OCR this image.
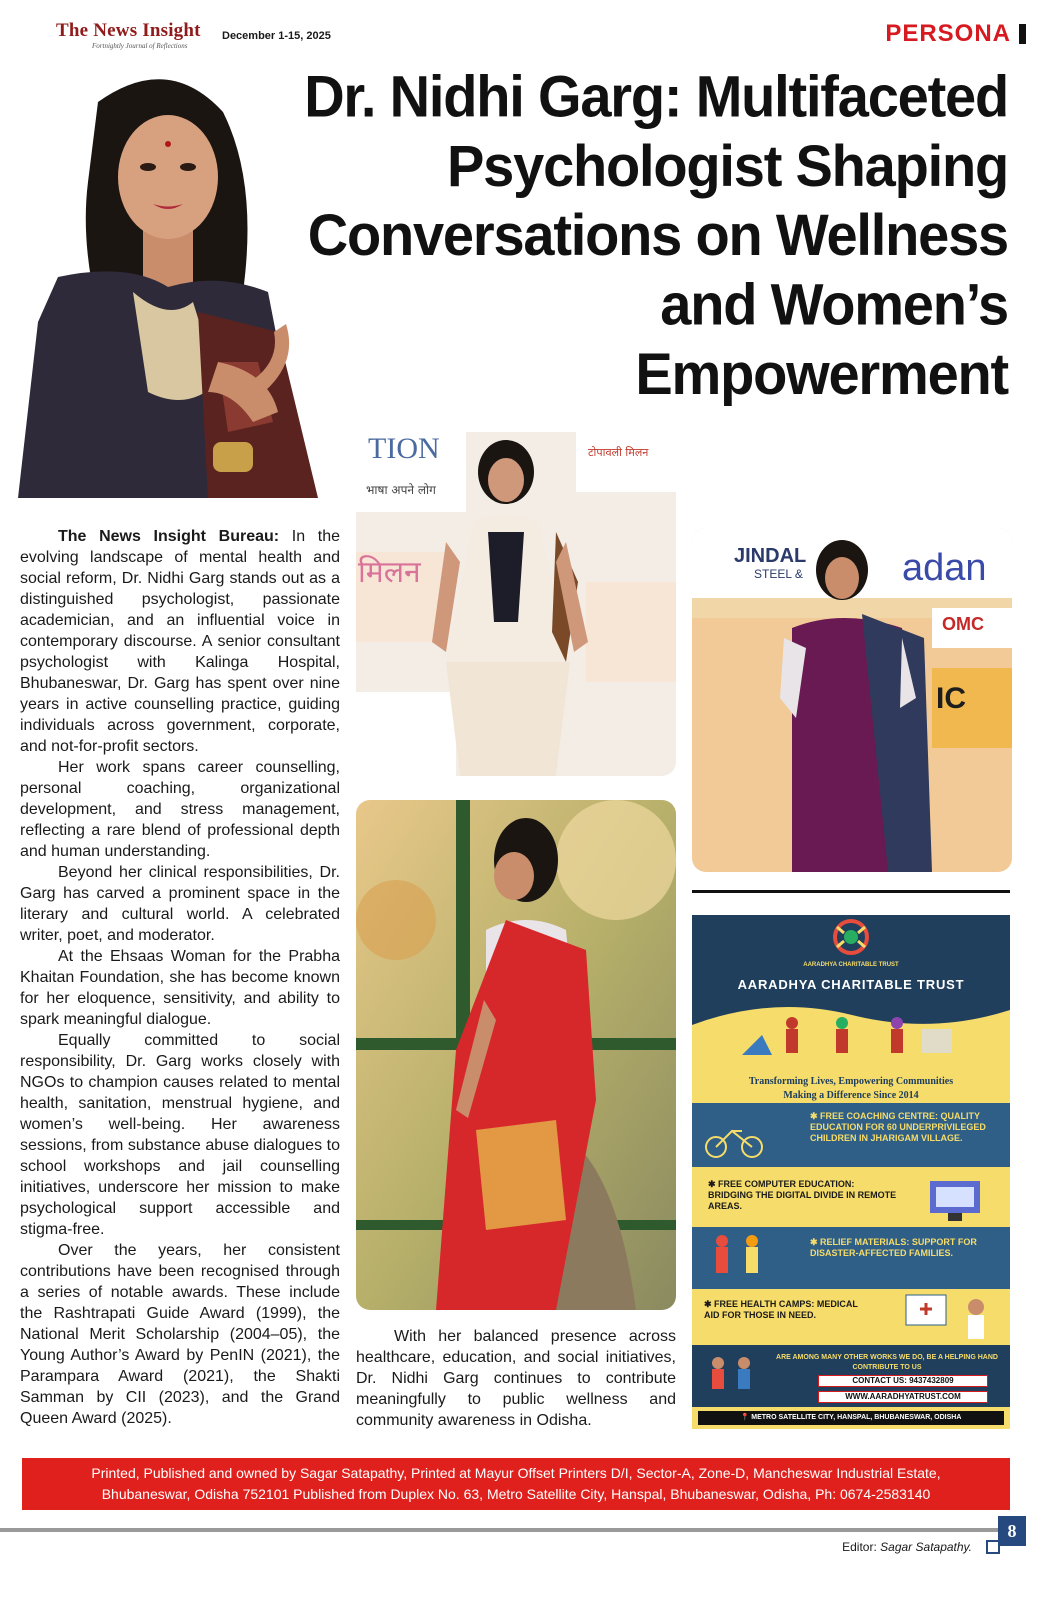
The News Insight
Fortnightly Journal of Reflections
December 1-15, 2025	PERSONA
Dr. Nidhi Garg: Multifaceted
Psychologist Shaping
Conversations on Wellness
and Women’s
Empowerment
TION
भाषा अपने लोग
टोपावली मिलन
मिलन	JINDAL
STEEL &	adan
OMC
IC

The News Insight Bureau: In the evolving landscape of mental health and social reform, Dr. Nidhi Garg stands out as a distinguished psychologist, passionate academician, and an influential voice in contemporary discourse. A senior consultant psychologist with Kalinga Hospital, Bhubaneswar, Dr. Garg has spent over nine years in active counselling practice, guiding individuals across government, corporate, and not-for-profit sectors.

Her work spans career counselling, personal coaching, organizational development, and stress management, reflecting a rare blend of professional depth and human understanding.

Beyond her clinical responsibilities, Dr. Garg has carved a prominent space in the literary and cultural world. A celebrated writer, poet, and moderator.

At the Ehsaas Woman for the Prabha Khaitan Foundation, she has become known for her eloquence, sensitivity, and ability to spark meaningful dialogue.

Equally committed to social responsibility, Dr. Garg works closely with NGOs to champion causes related to mental health, sanitation, menstrual hygiene, and women’s well-being. Her awareness sessions, from substance abuse dialogues to school workshops and jail counselling initiatives, underscore her mission to make psychological support accessible and stigma-free.

Over the years, her consistent contributions have been recognised through a series of notable awards. These include the Rashtrapati Guide Award (1999), the National Merit Scholarship (2004–05), the Young Author’s Award by PenIN (2021), the Parampara Award (2021), the Shakti Samman by CII (2023), and the Grand Queen Award (2025).

With her balanced presence across healthcare, education, and social initiatives, Dr. Nidhi Garg continues to contribute meaningfully to public wellness and community awareness in Odisha.

AARADHYA CHARITABLE TRUST
AARADHYA CHARITABLE TRUST
Transforming Lives, Empowering Communities
Making a Difference Since 2014
✱ FREE COACHING CENTRE: QUALITY EDUCATION FOR 60 UNDERPRIVILEGED CHILDREN IN JHARIGAM VILLAGE.
✱ FREE COMPUTER EDUCATION: BRIDGING THE DIGITAL DIVIDE IN REMOTE AREAS.
✱ RELIEF MATERIALS: SUPPORT FOR DISASTER-AFFECTED FAMILIES.
✱ FREE HEALTH CAMPS: MEDICAL AID FOR THOSE IN NEED.
ARE AMONG MANY OTHER WORKS WE DO, BE A HELPING HAND CONTRIBUTE TO US
CONTACT US: 9437432809
WWW.AARADHYATRUST.COM
📍 METRO SATELLITE CITY, HANSPAL, BHUBANESWAR, ODISHA
Printed, Published and owned by Sagar Satapathy, Printed at Mayur Offset Printers D/I, Sector-A, Zone-D, Mancheswar Industrial Estate,
Bhubaneswar, Odisha 752101 Published from Duplex No. 63, Metro Satellite City, Hanspal, Bhubaneswar, Odisha, Ph: 0674-2583140
Editor: Sagar Satapathy.
8
